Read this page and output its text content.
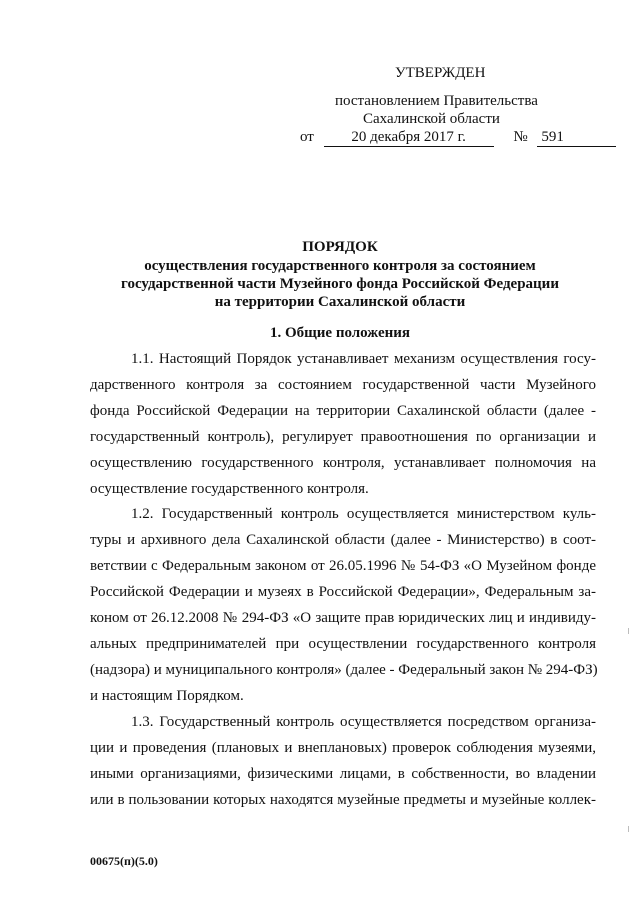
УТВЕРЖДЕН
постановлением Правительства
Сахалинской области
от	20 декабря 2017 г.	№ 591
ПОРЯДОК
осуществления государственного контроля за состоянием
государственной части Музейного фонда Российской Федерации
на территории Сахалинской области
1. Общие положения
1.1. Настоящий Порядок устанавливает механизм осуществления госу-
дарственного контроля за состоянием государственной части Музейного
фонда Российской Федерации на территории Сахалинской области (далее -
государственный контроль), регулирует правоотношения по организации и
осуществлению государственного контроля, устанавливает полномочия на
осуществление государственного контроля.
1.2. Государственный контроль осуществляется министерством куль-
туры и архивного дела Сахалинской области (далее - Министерство) в соот-
ветствии с Федеральным законом от 26.05.1996 № 54-ФЗ «О Музейном фонде
Российской Федерации и музеях в Российской Федерации», Федеральным за-
коном от 26.12.2008 № 294-ФЗ «О защите прав юридических лиц и индивиду-
альных предпринимателей при осуществлении государственного контроля
(надзора) и муниципального контроля» (далее - Федеральный закон № 294-ФЗ)
и настоящим Порядком.
1.3. Государственный контроль осуществляется посредством организа-
ции и проведения (плановых и внеплановых) проверок соблюдения музеями,
иными организациями, физическими лицами, в собственности, во владении
или в пользовании которых находятся музейные предметы и музейные коллек-
00675(п)(5.0)
